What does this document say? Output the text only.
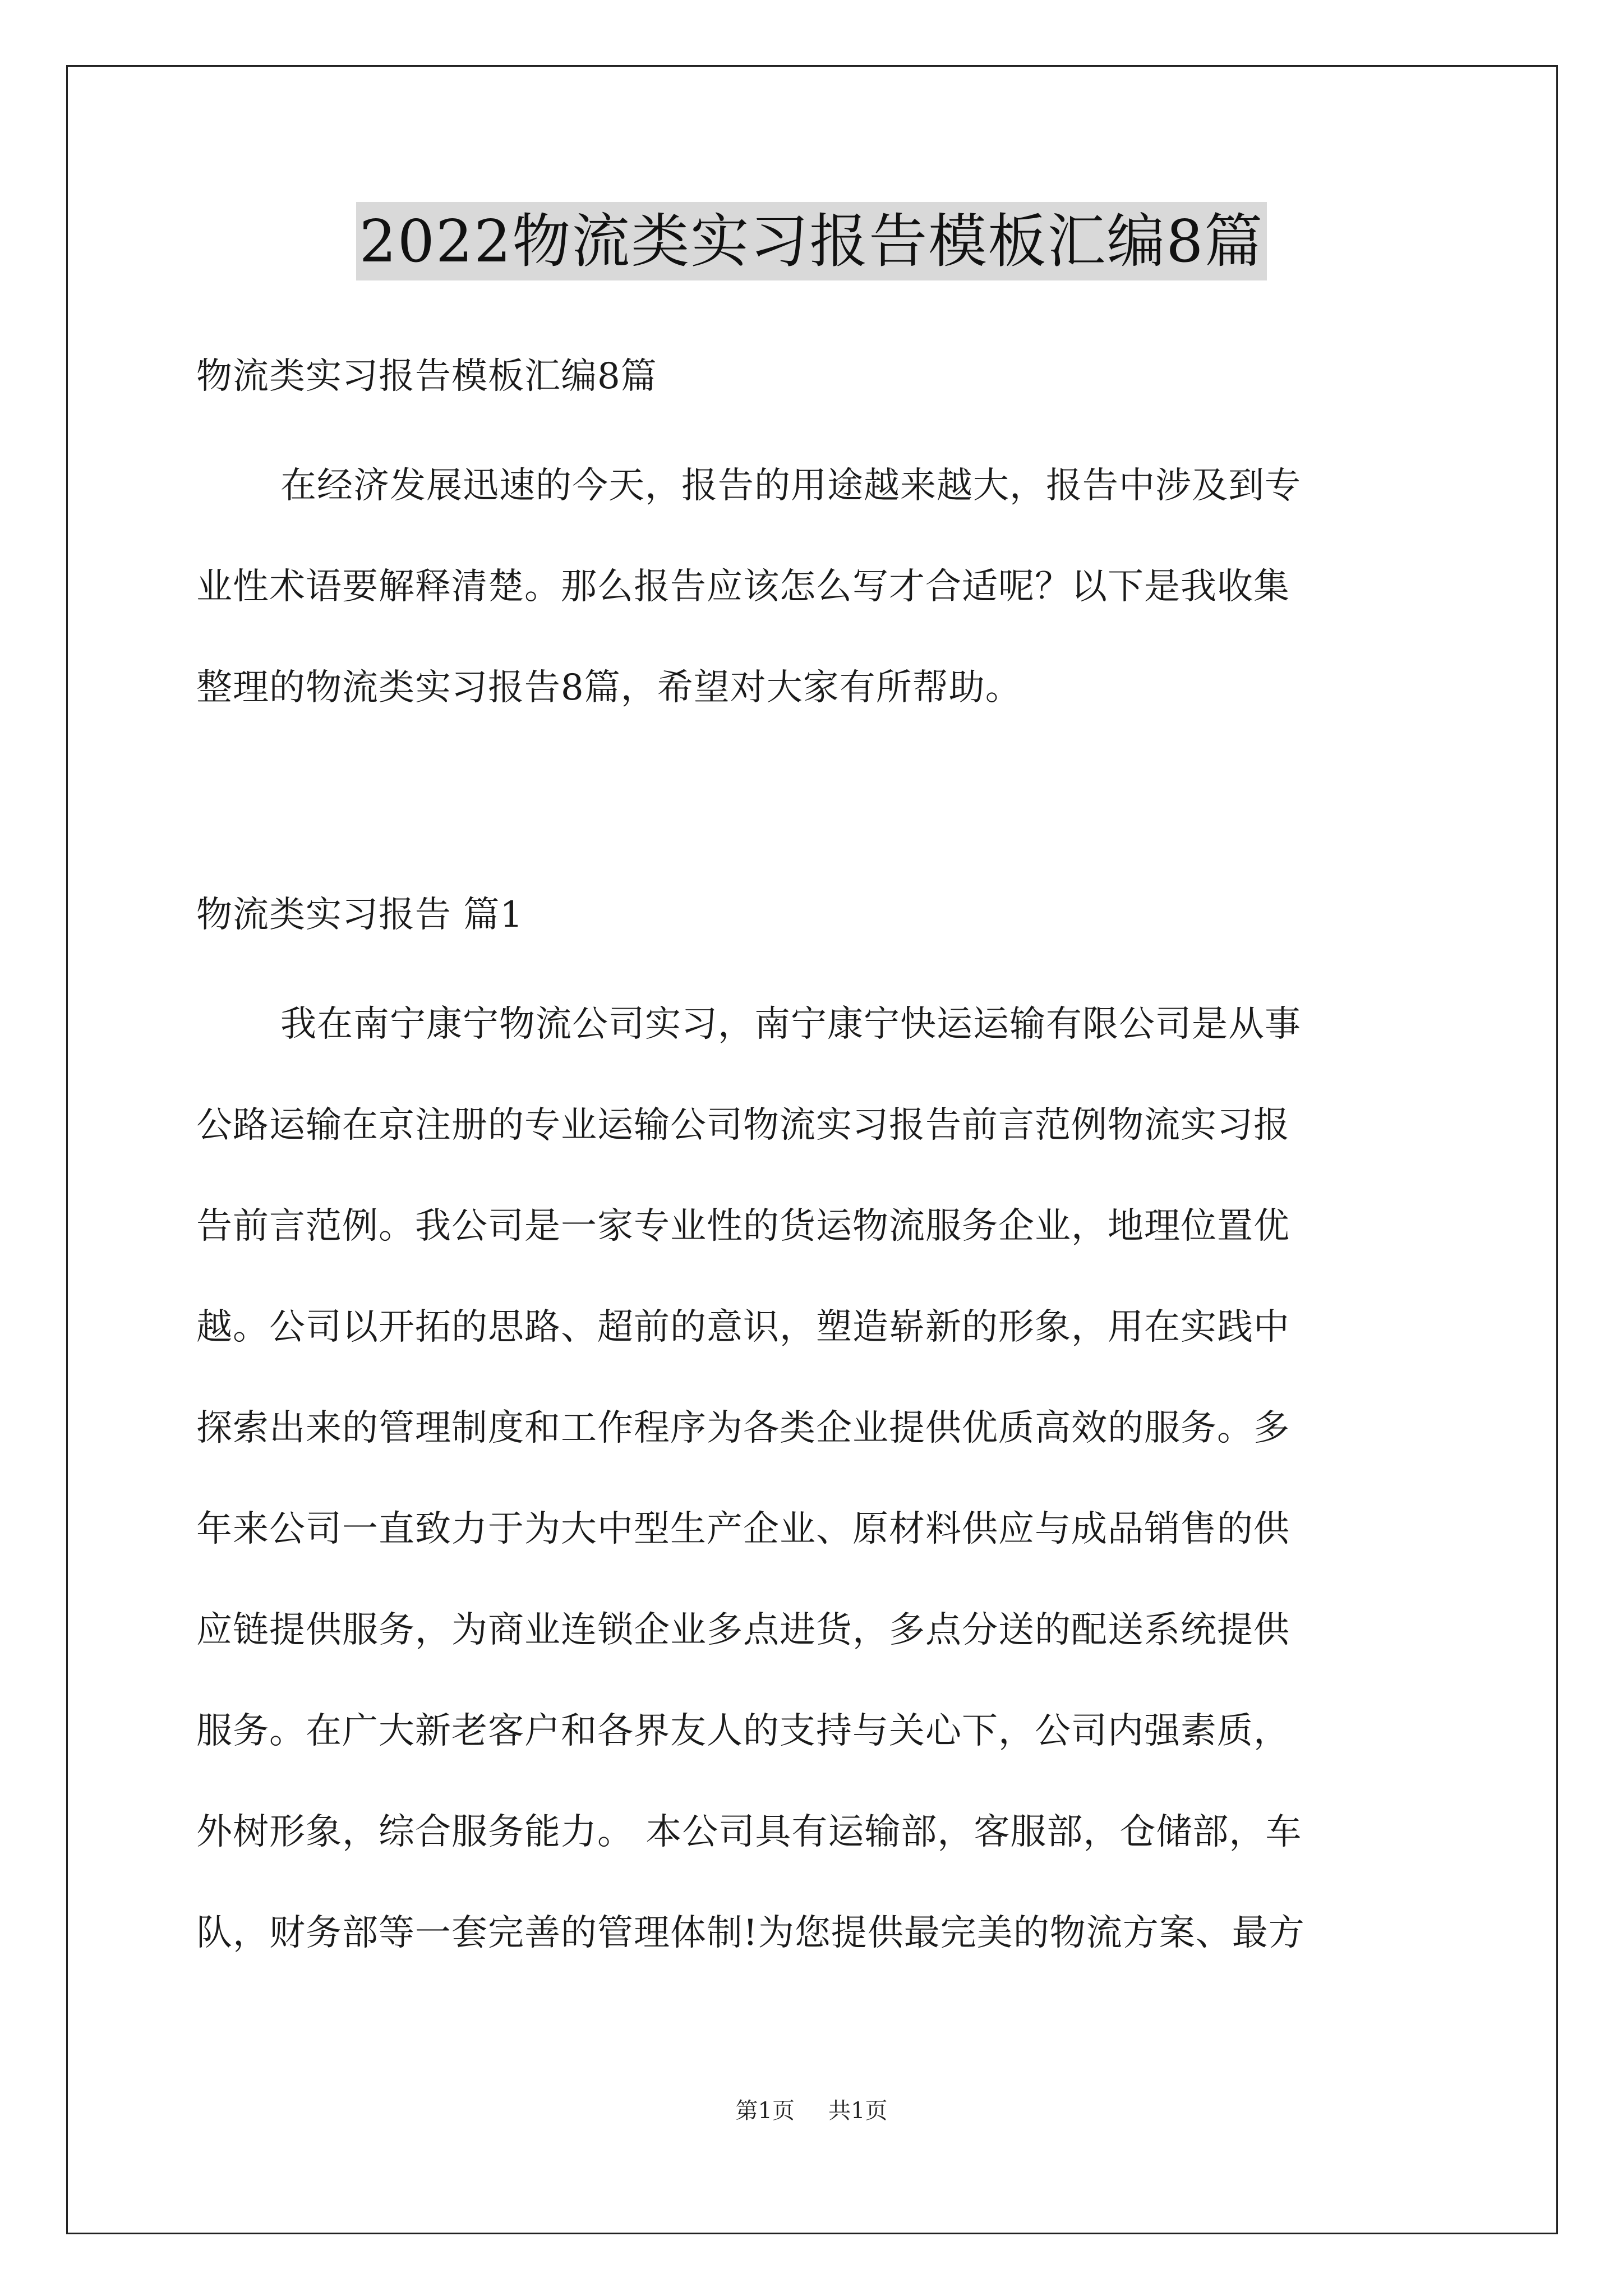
2022物流类实习报告模板汇编8篇
物流类实习报告模板汇编8篇
在经济发展迅速的今天，报告的用途越来越大，报告中涉及到专
业性术语要解释清楚。那么报告应该怎么写才合适呢？以下是我收集
整理的物流类实习报告8篇，希望对大家有所帮助。
物流类实习报告 篇1
我在南宁康宁物流公司实习，南宁康宁快运运输有限公司是从事
公路运输在京注册的专业运输公司物流实习报告前言范例物流实习报
告前言范例。我公司是一家专业性的货运物流服务企业，地理位置优
越。公司以开拓的思路、超前的意识，塑造崭新的形象，用在实践中
探索出来的管理制度和工作程序为各类企业提供优质高效的服务。多
年来公司一直致力于为大中型生产企业、原材料供应与成品销售的供
应链提供服务，为商业连锁企业多点进货，多点分送的配送系统提供
服务。在广大新老客户和各界友人的支持与关心下，公司内强素质，
外树形象，综合服务能力。 本公司具有运输部，客服部，仓储部，车
队，财务部等一套完善的管理体制!为您提供最完美的物流方案、最方
第1页 共1页
